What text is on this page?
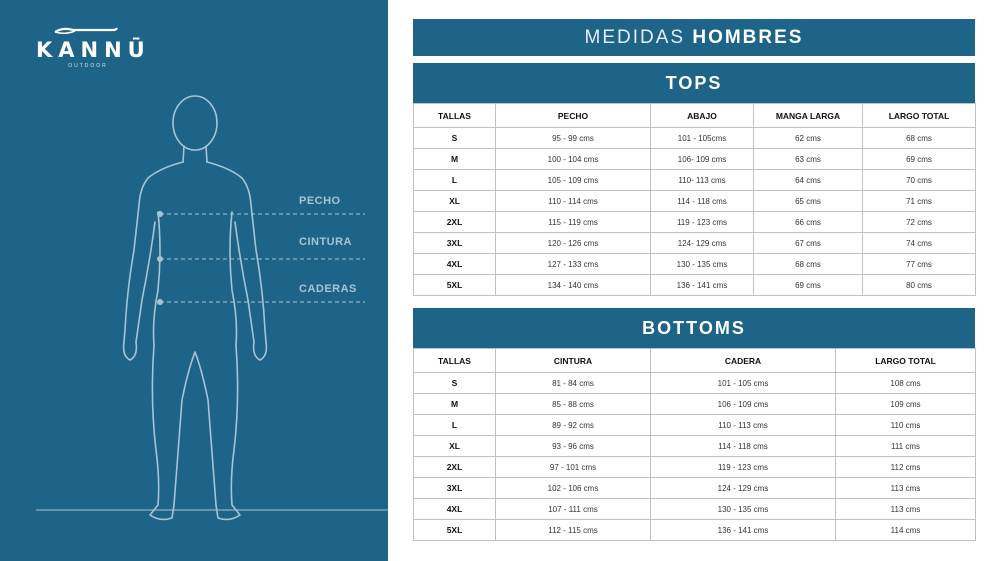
KANNŪ
OUTDOOR
PECHO
CINTURA
CADERAS
MEDIDAS HOMBRES
TOPS
TALLAS	PECHO	ABAJO	MANGA LARGA	LARGO TOTAL
S	95 - 99 cms	101 - 105cms	62 cms	68 cms
M	100 - 104 cms	106- 109 cms	63 cms	69 cms
L	105 - 109 cms	110- 113 cms	64 cms	70 cms
XL	110 - 114 cms	114 - 118 cms	65 cms	71 cms
2XL	115 - 119 cms	119 - 123 cms	66 cms	72 cms
3XL	120 - 126 cms	124- 129 cms	67 cms	74 cms
4XL	127 - 133 cms	130 - 135 cms	68 cms	77 cms
5XL	134 - 140 cms	136 - 141 cms	69 cms	80 cms
BOTTOMS
TALLAS	CINTURA	CADERA	LARGO TOTAL
S	81 - 84 cms	101 - 105 cms	108 cms
M	85 - 88 cms	106 - 109 cms	109 cms
L	89 - 92 cms	110 - 113 cms	110 cms
XL	93 - 96 cms	114 - 118 cms	111 cms
2XL	97 - 101 cms	119 - 123 cms	112 cms
3XL	102 - 106 cms	124 - 129 cms	113 cms
4XL	107 - 111 cms	130 - 135 cms	113 cms
5XL	112 - 115 cms	136 - 141 cms	114 cms
